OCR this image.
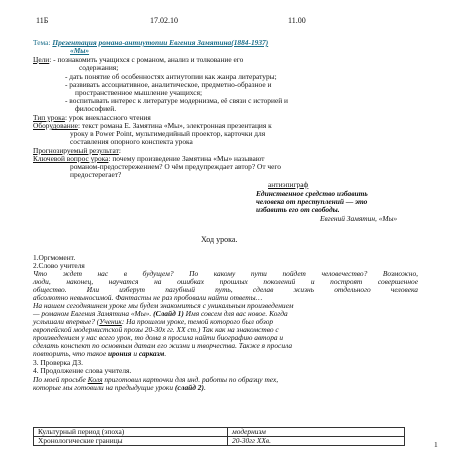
11Б	17.02.10	11.00
Тема: Презентация романа-антиутопии Евгения Замятина(1884-1937)
«Мы»
Цели: - познакомить учащихся с романом, анализ и толкование его
содержания;
- дать понятие об особенностях антиутопии как жанра литературы;
- развивать ассоциативное, аналитическое, предметно-образное и
пространственное мышление учащихся;
- воспитывать интерес к литературе модернизма, её связи с историей и
философией.
Тип урока: урок внеклассного чтения
Оборудование: текст романа Е. Замятина «Мы», электронная презентация к
уроку в Power Point, мультимедийный проектор, карточки для
составления опорного конспекта урока
Прогнозируемый результат:
Ключевой вопрос урока: почему произведение Замятина «Мы» называют
романом-предостережением? О чём предупреждает автор? От чего
предостерегает?
антиэпиграф
Единственное средство избавить
человека от преступлений — это
избавить его от свободы.
Евгений Замятин, «Мы»
Ход урока.
1.Оргмомент.
2.Слово учителя
Что ждет нас в будущем? По какому пути пойдет человечество? Возможно,
люди, наконец, научатся на ошибках прошлых поколений и построят совершенное
общество. Или изберут пагубный путь, сделав жизнь отдельного человека
абсолютно невыносимой. Фантасты не раз пробовали найти ответы…
На нашем сегодняшнем уроке мы будем знакомиться с уникальным произведением
— романом Евгения Замятина «Мы». (Слайд 1) Имя совсем для вас новое. Когда
услышали впервые? (Ученик: На прошлом уроке, темой которого был обзор
европейской модернистской прозы 20-30х гг. XX ст.) Так как на знакомство с
произведением у нас всего урок, то дома я просила найти биографию автора и
сделать конспект по основным датам его жизни и творчества. Также я просила
повторить, что такое ирония и сарказм.
3. Проверка ДЗ.
4. Продолжение слова учителя.
По моей просьбе Коля приготовил карточки для инд. работы по образцу тех,
которые мы готовили на предыдущие уроки (слайд 2).
Культурный период (эпоха)	модернизм
Хронологические границы	20-30гг XXв.	1
